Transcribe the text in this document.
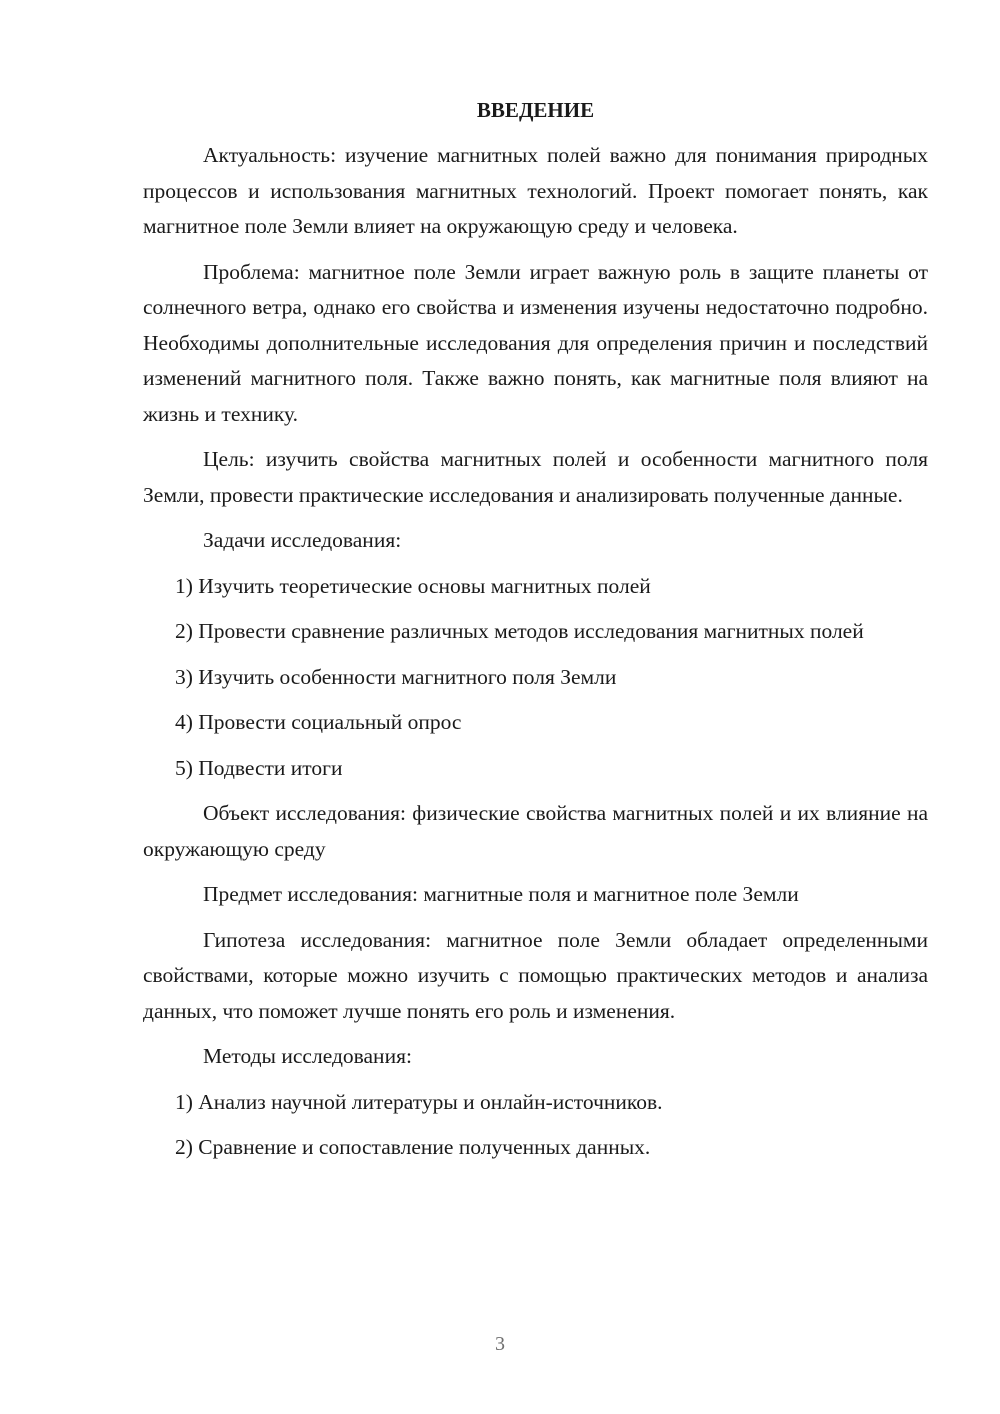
ВВЕДЕНИЕ

Актуальность: изучение магнитных полей важно для понимания природных процессов и использования магнитных технологий. Проект помогает понять, как магнитное поле Земли влияет на окружающую среду и человека.

Проблема: магнитное поле Земли играет важную роль в защите планеты от солнечного ветра, однако его свойства и изменения изучены недостаточно подробно. Необходимы дополнительные исследования для определения причин и последствий изменений магнитного поля. Также важно понять, как магнитные поля влияют на жизнь и технику.

Цель: изучить свойства магнитных полей и особенности магнитного поля Земли, провести практические исследования и анализировать полученные данные.

Задачи исследования:

1) Изучить теоретические основы магнитных полей

2) Провести сравнение различных методов исследования магнитных полей

3) Изучить особенности магнитного поля Земли

4) Провести социальный опрос

5) Подвести итоги

Объект исследования: физические свойства магнитных полей и их влияние на окружающую среду

Предмет исследования: магнитные поля и магнитное поле Земли

Гипотеза исследования: магнитное поле Земли обладает определенными свойствами, которые можно изучить с помощью практических методов и анализа данных, что поможет лучше понять его роль и изменения.

Методы исследования:

1) Анализ научной литературы и онлайн-источников.

2) Сравнение и сопоставление полученных данных.

3
